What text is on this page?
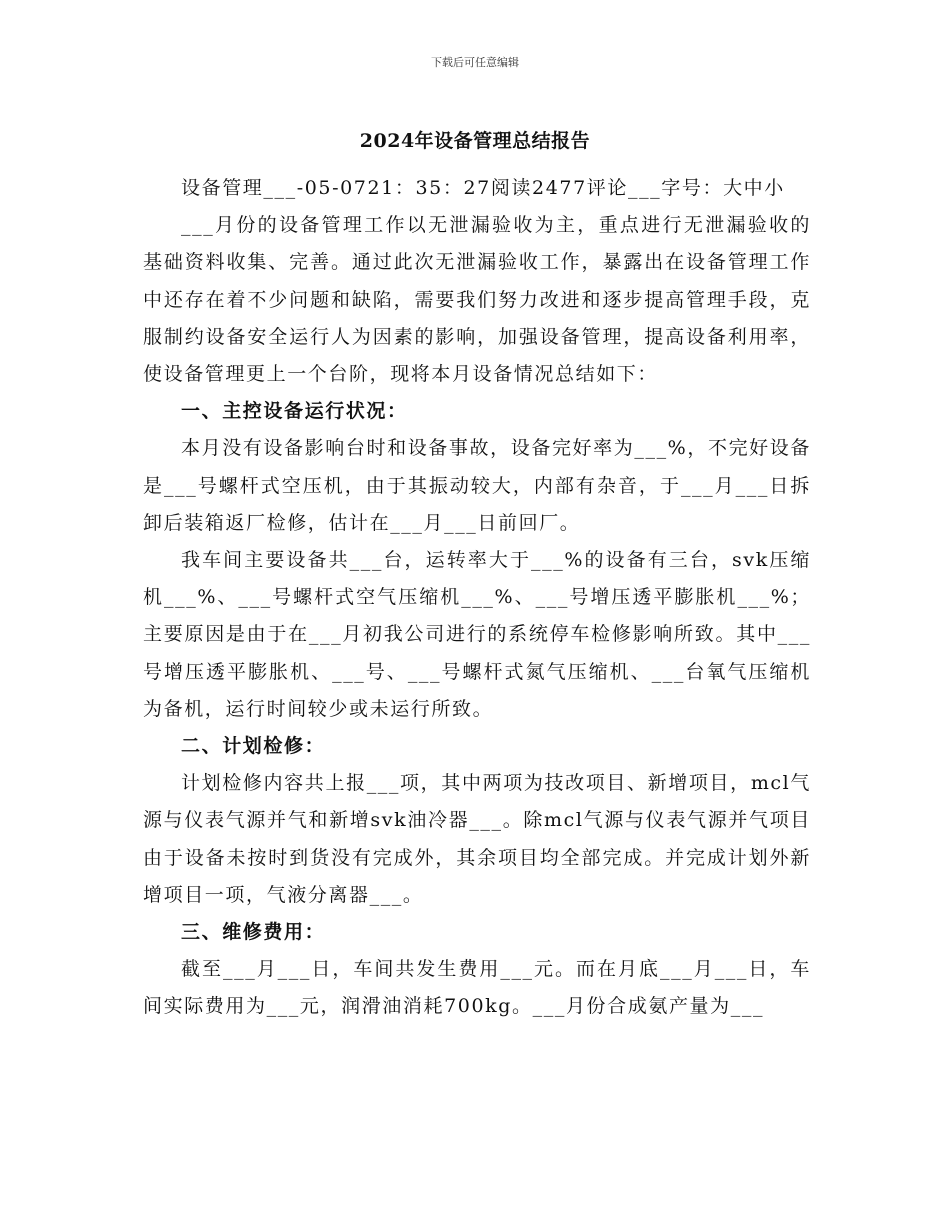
下载后可任意编辑
2024年设备管理总结报告

设备管理___-05-0721：35：27阅读2477评论___字号：大中小

___月份的设备管理工作以无泄漏验收为主，重点进行无泄漏验收的基础资料收集、完善。通过此次无泄漏验收工作，暴露出在设备管理工作中还存在着不少问题和缺陷，需要我们努力改进和逐步提高管理手段，克服制约设备安全运行人为因素的影响，加强设备管理，提高设备利用率，使设备管理更上一个台阶，现将本月设备情况总结如下：

一、主控设备运行状况：

本月没有设备影响台时和设备事故，设备完好率为___%，不完好设备是___号螺杆式空压机，由于其振动较大，内部有杂音，于___月___日拆卸后装箱返厂检修，估计在___月___日前回厂。

我车间主要设备共___台，运转率大于___%的设备有三台，svk压缩机___%、___号螺杆式空气压缩机___%、___号增压透平膨胀机___%；主要原因是由于在___月初我公司进行的系统停车检修影响所致。其中___号增压透平膨胀机、___号、___号螺杆式氮气压缩机、___台氧气压缩机为备机，运行时间较少或未运行所致。

二、计划检修：

计划检修内容共上报___项，其中两项为技改项目、新增项目，mcl气源与仪表气源并气和新增svk油冷器___。除mcl气源与仪表气源并气项目由于设备未按时到货没有完成外，其余项目均全部完成。并完成计划外新增项目一项，气液分离器___。

三、维修费用：

截至___月___日，车间共发生费用___元。而在月底___月___日，车间实际费用为___元，润滑油消耗700kg。___月份合成氨产量为___
